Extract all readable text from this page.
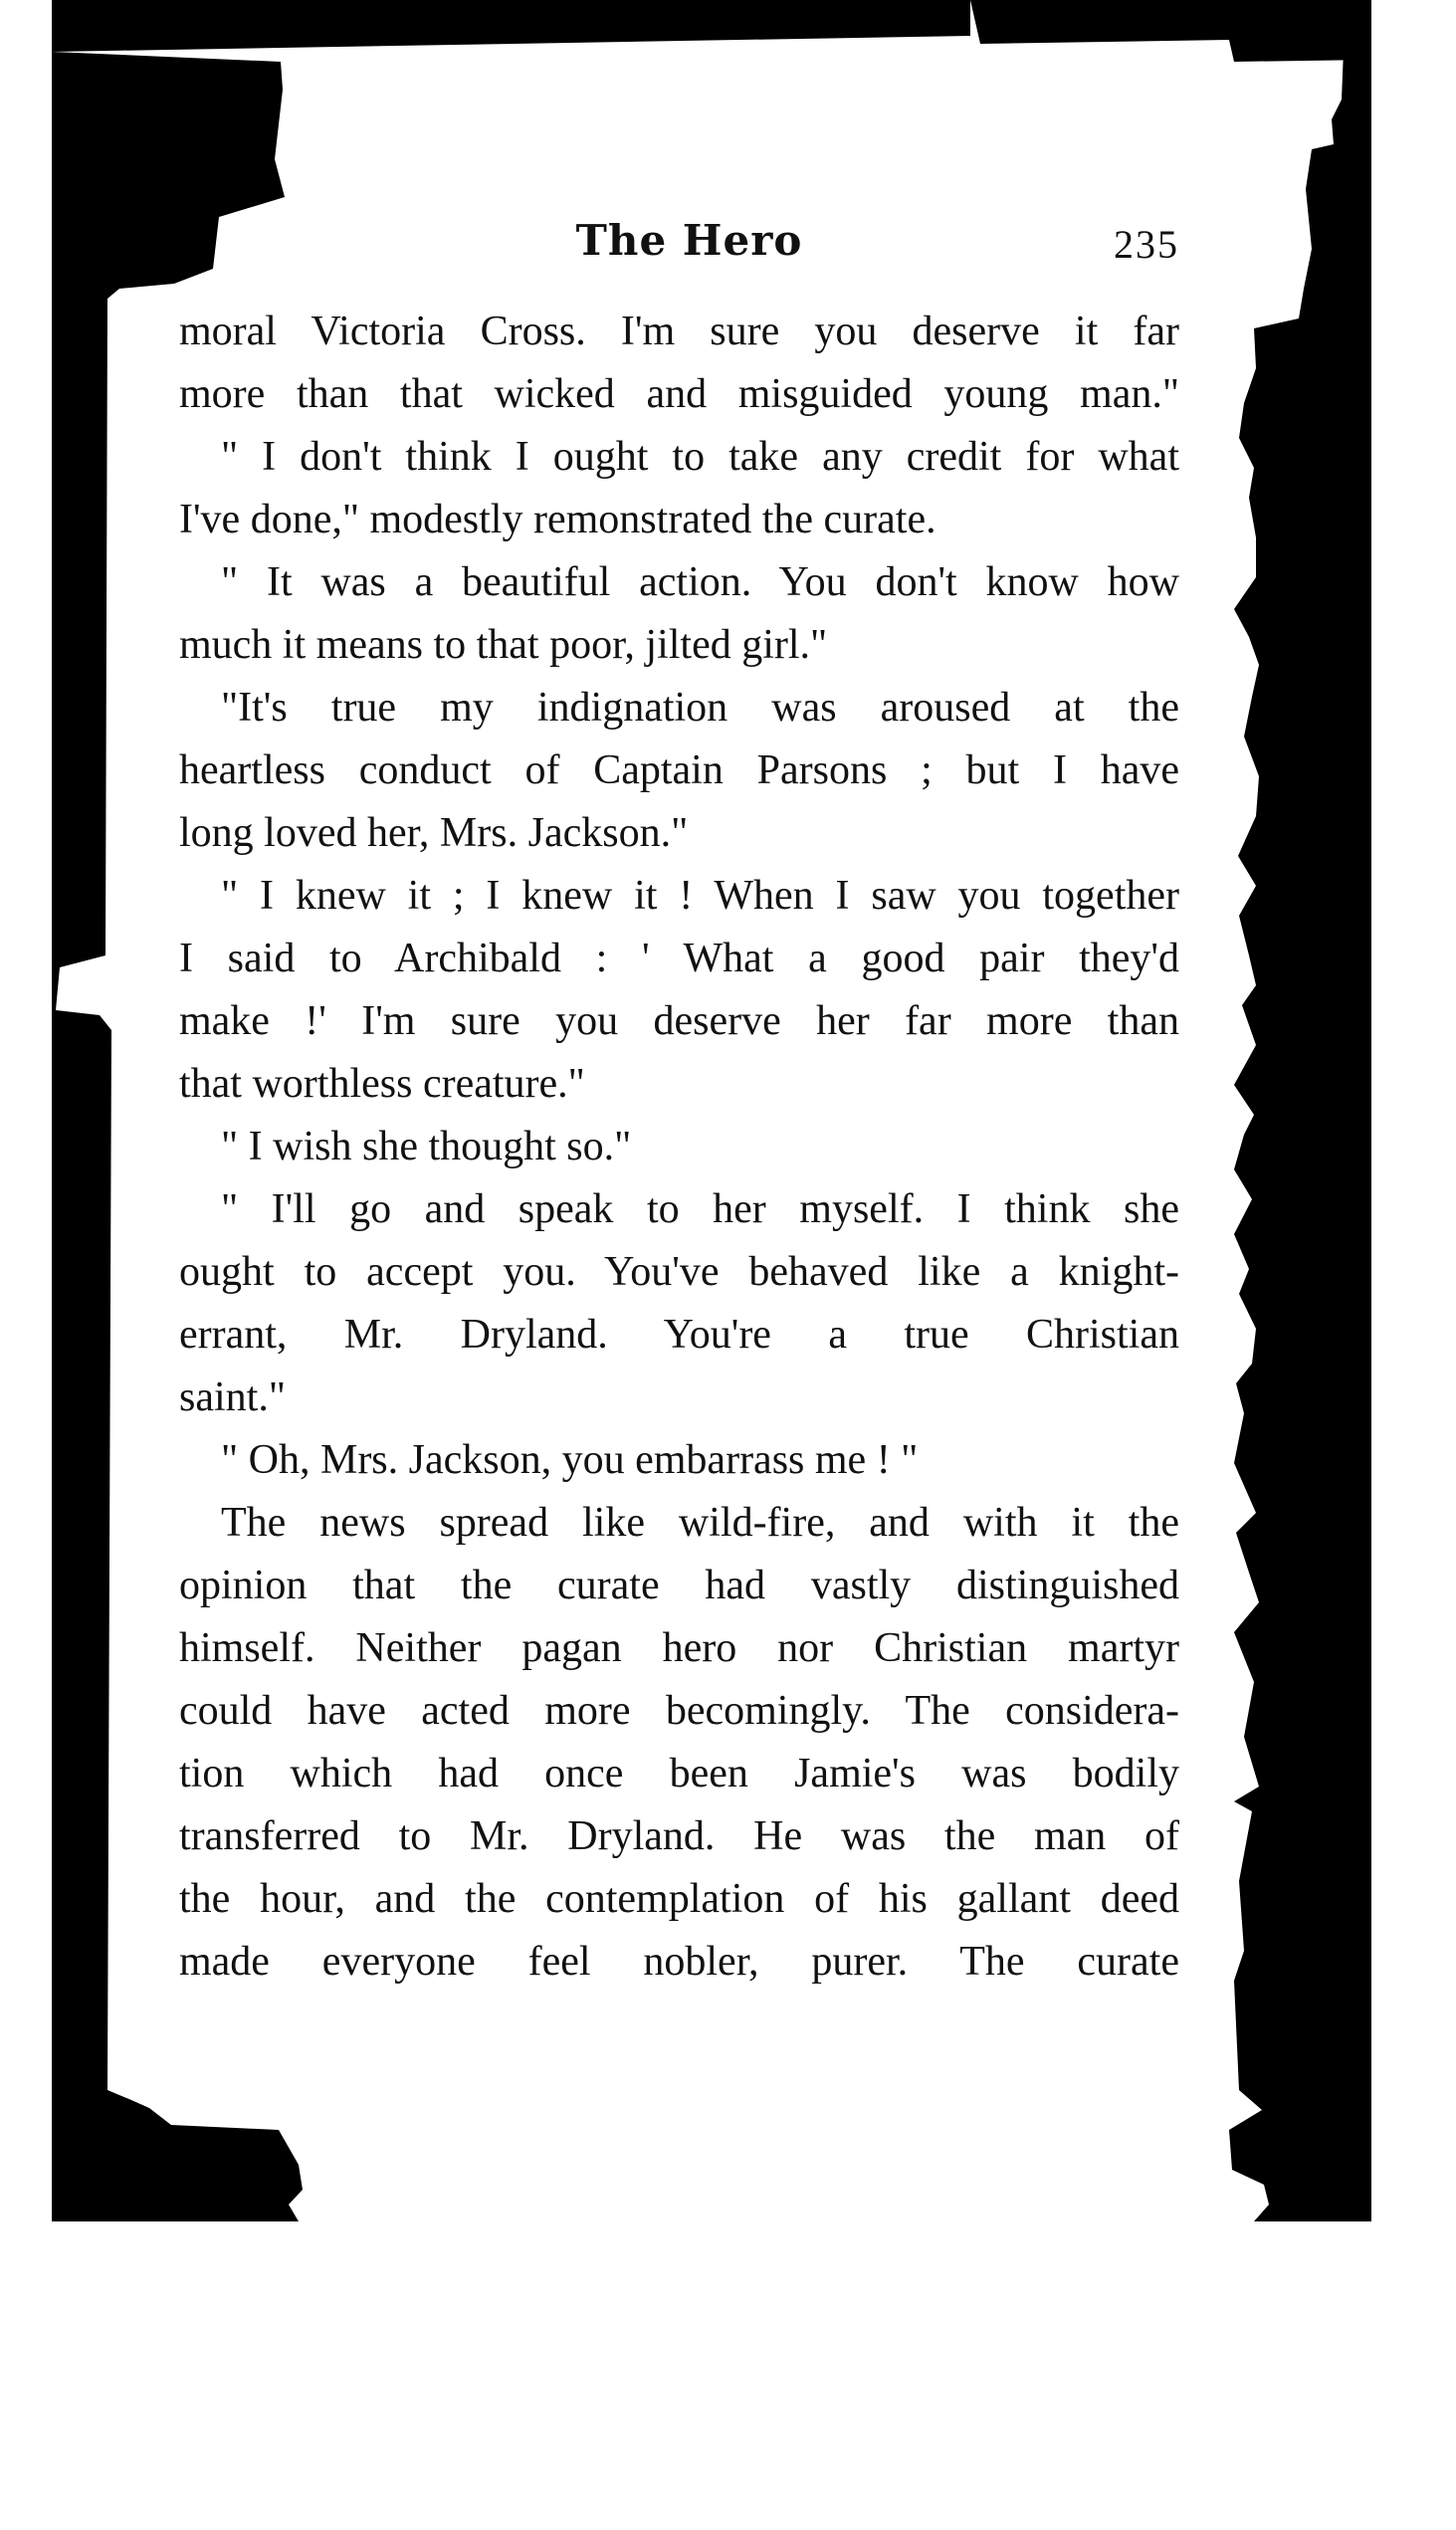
The Hero	235
moral Victoria Cross. I'm sure you deserve it far
more than that wicked and misguided young man."
" I don't think I ought to take any credit for what
I've done," modestly remonstrated the curate.
" It was a beautiful action. You don't know how
much it means to that poor, jilted girl."
"It's true my indignation was aroused at the
heartless conduct of Captain Parsons ; but I have
long loved her, Mrs. Jackson."
" I knew it ; I knew it ! When I saw you together
I said to Archibald : ' What a good pair they'd
make !' I'm sure you deserve her far more than
that worthless creature."
" I wish she thought so."
" I'll go and speak to her myself. I think she
ought to accept you. You've behaved like a knight-
errant, Mr. Dryland. You're a true Christian
saint."
" Oh, Mrs. Jackson, you embarrass me ! "
The news spread like wild-fire, and with it the
opinion that the curate had vastly distinguished
himself. Neither pagan hero nor Christian martyr
could have acted more becomingly. The considera-
tion which had once been Jamie's was bodily
transferred to Mr. Dryland. He was the man of
the hour, and the contemplation of his gallant deed
made everyone feel nobler, purer. The curate
